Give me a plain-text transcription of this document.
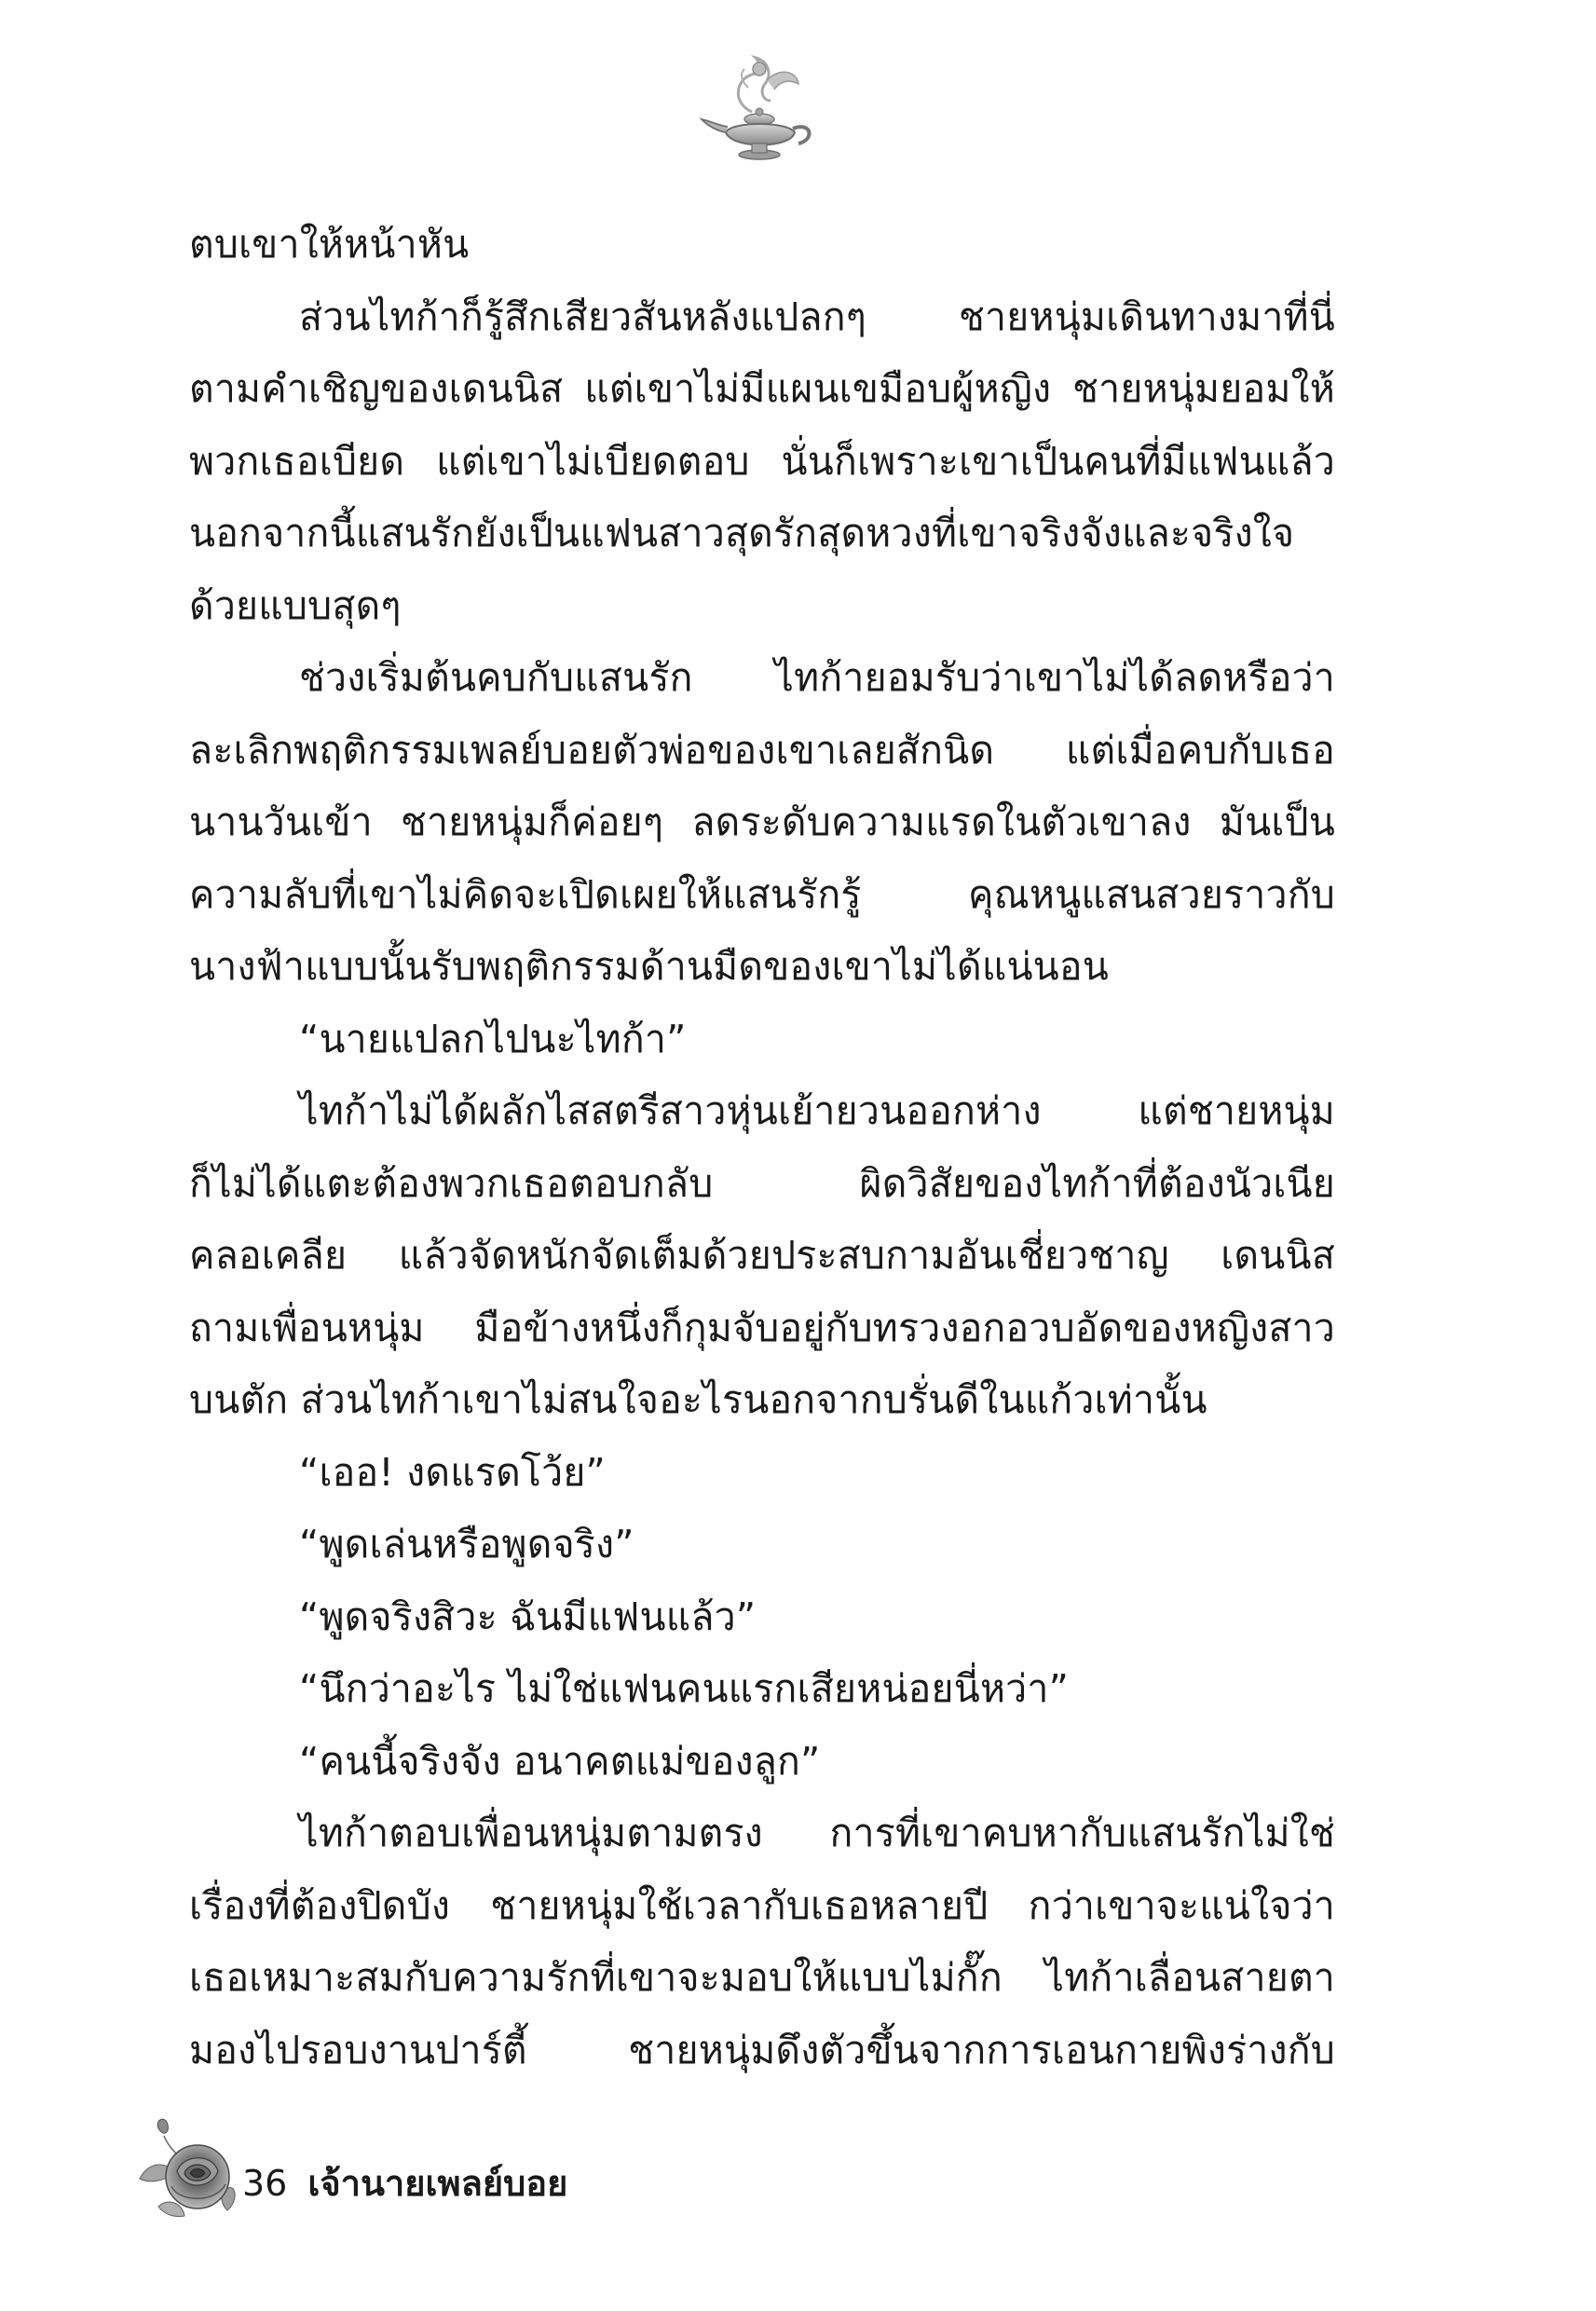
ตบเขาให้หน้าหัน
ส่วนไทก้าก็รู้สึกเสียวสันหลังแปลกๆ ชายหนุ่มเดินทางมาที่นี่
ตามคำเชิญของเดนนิส แต่เขาไม่มีแผนเขมือบผู้หญิง ชายหนุ่มยอมให้
พวกเธอเบียด แต่เขาไม่เบียดตอบ นั่นก็เพราะเขาเป็นคนที่มีแฟนแล้ว
นอกจากนี้แสนรักยังเป็นแฟนสาวสุดรักสุดหวงที่เขาจริงจังและจริงใจ
ด้วยแบบสุดๆ
ช่วงเริ่มต้นคบกับแสนรัก ไทก้ายอมรับว่าเขาไม่ได้ลดหรือว่า
ละเลิกพฤติกรรมเพลย์บอยตัวพ่อของเขาเลยสักนิด แต่เมื่อคบกับเธอ
นานวันเข้า ชายหนุ่มก็ค่อยๆ ลดระดับความแรดในตัวเขาลง มันเป็น
ความลับที่เขาไม่คิดจะเปิดเผยให้แสนรักรู้ คุณหนูแสนสวยราวกับ
นางฟ้าแบบนั้นรับพฤติกรรมด้านมืดของเขาไม่ได้แน่นอน
“นายแปลกไปนะไทก้า”
ไทก้าไม่ได้ผลักไสสตรีสาวหุ่นเย้ายวนออกห่าง แต่ชายหนุ่ม
ก็ไม่ได้แตะต้องพวกเธอตอบกลับ ผิดวิสัยของไทก้าที่ต้องนัวเนีย
คลอเคลีย แล้วจัดหนักจัดเต็มด้วยประสบกามอันเชี่ยวชาญ เดนนิส
ถามเพื่อนหนุ่ม มือข้างหนึ่งก็กุมจับอยู่กับทรวงอกอวบอัดของหญิงสาว
บนตัก ส่วนไทก้าเขาไม่สนใจอะไรนอกจากบรั่นดีในแก้วเท่านั้น
“เออ! งดแรดโว้ย”
“พูดเล่นหรือพูดจริง”
“พูดจริงสิวะ ฉันมีแฟนแล้ว”
“นึกว่าอะไร ไม่ใช่แฟนคนแรกเสียหน่อยนี่หว่า”
“คนนี้จริงจัง อนาคตแม่ของลูก”
ไทก้าตอบเพื่อนหนุ่มตามตรง การที่เขาคบหากับแสนรักไม่ใช่
เรื่องที่ต้องปิดบัง ชายหนุ่มใช้เวลากับเธอหลายปี กว่าเขาจะแน่ใจว่า
เธอเหมาะสมกับความรักที่เขาจะมอบให้แบบไม่กั๊ก ไทก้าเลื่อนสายตา
มองไปรอบงานปาร์ตี้ ชายหนุ่มดึงตัวขึ้นจากการเอนกายพิงร่างกับ
36 เจ้านายเพลย์บอย
